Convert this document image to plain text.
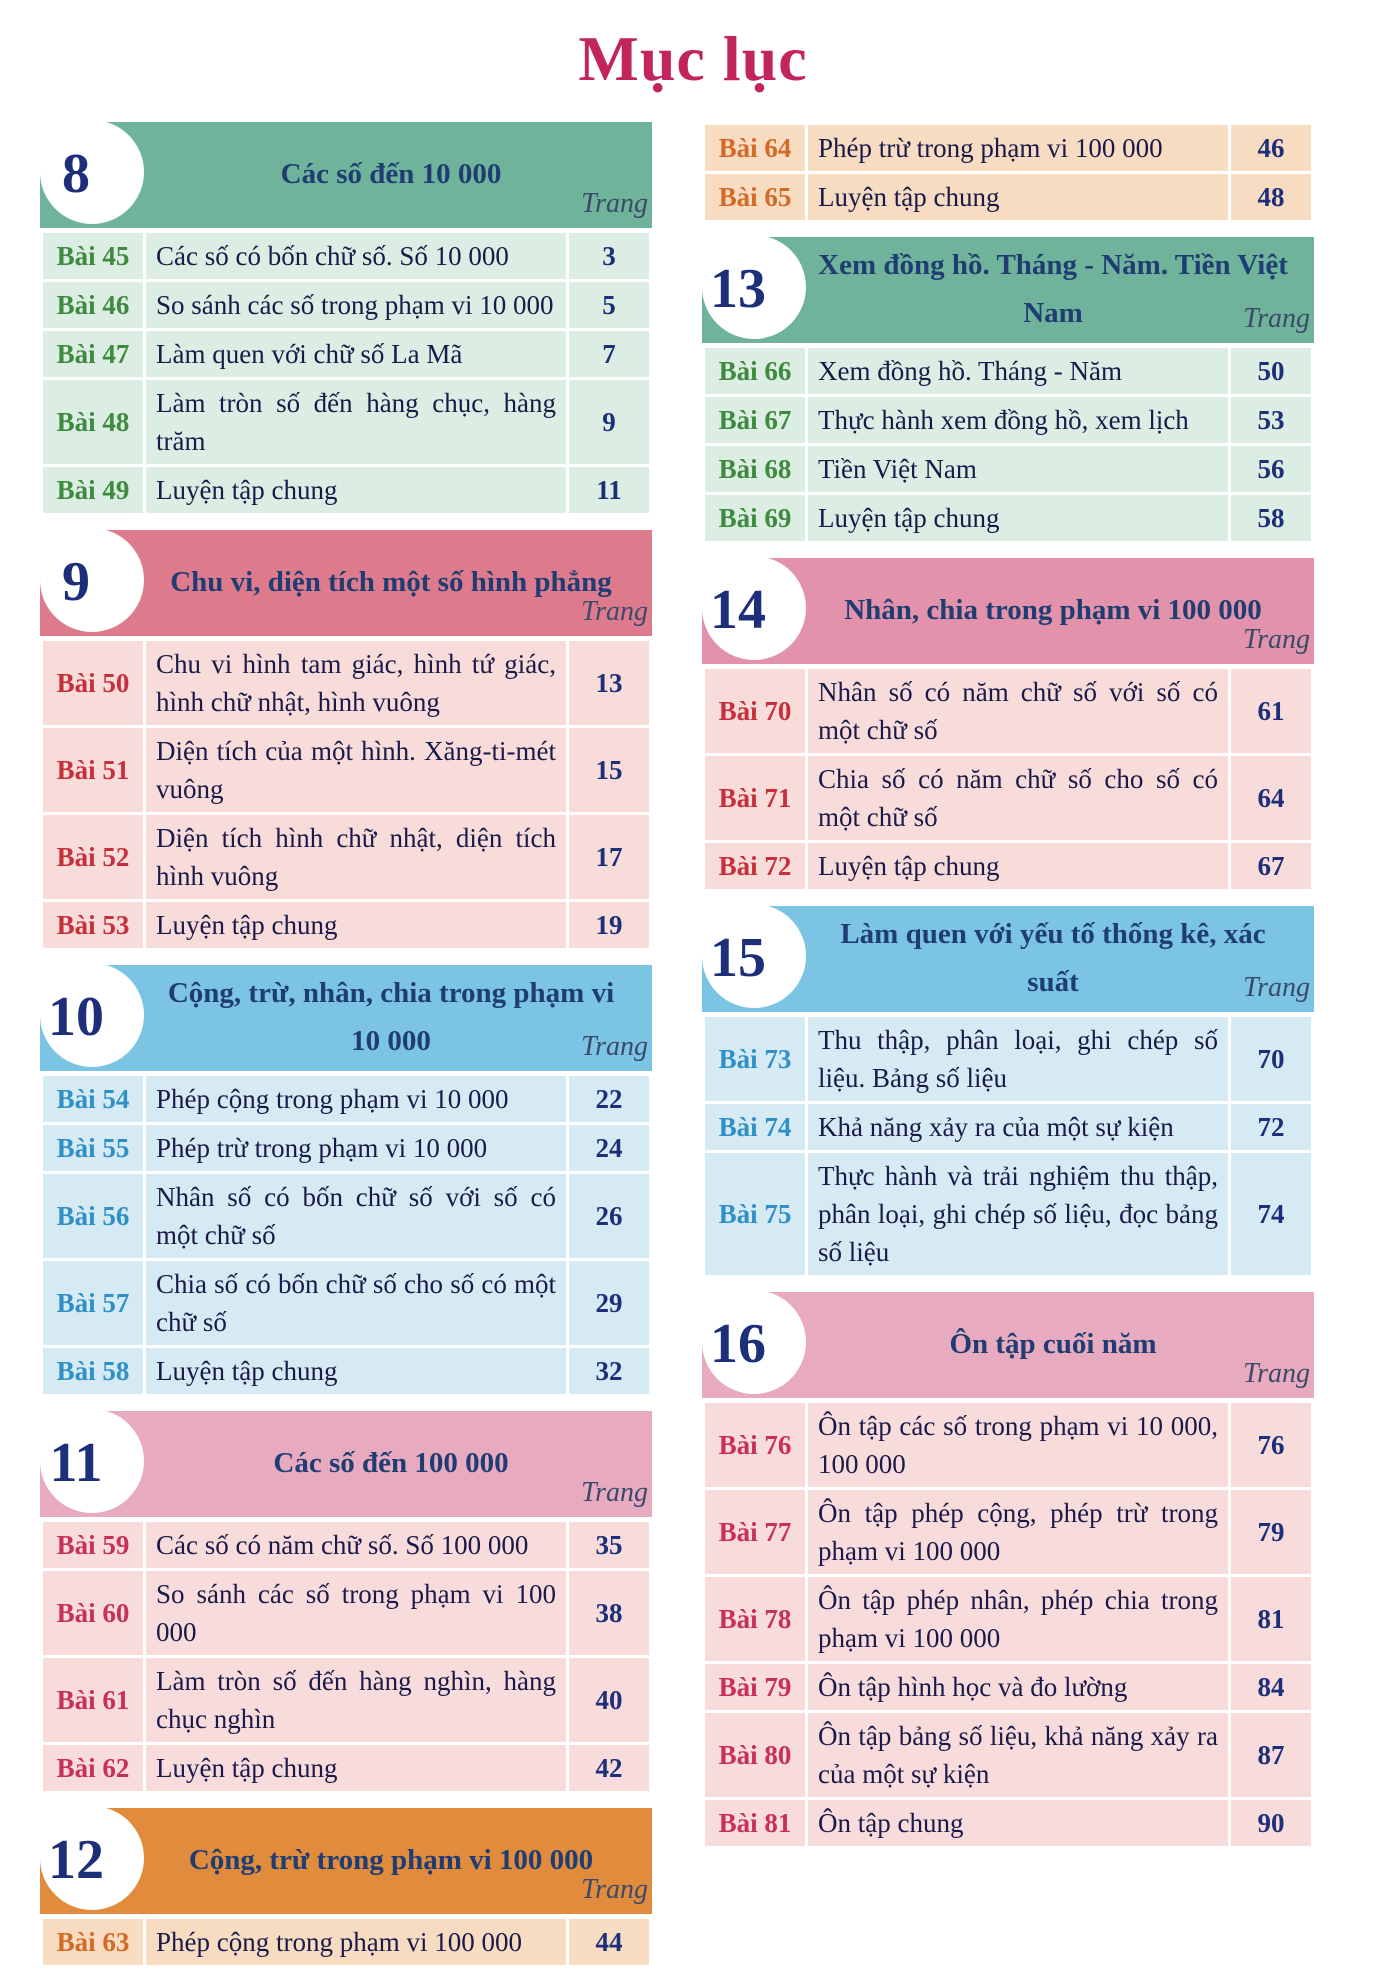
Mục lục
8	Các số đến 10 000
Trang
Bài 45	Các số có bốn chữ số. Số 10 000	3
Bài 46	So sánh các số trong phạm vi 10 000	5
Bài 47	Làm quen với chữ số La Mã	7
Bài 48	Làm tròn số đến hàng chục, hàng trăm	9
Bài 49	Luyện tập chung	11
9	Chu vi, diện tích một số hình phẳng
Trang
Bài 50	Chu vi hình tam giác, hình tứ giác, hình chữ nhật, hình vuông	13
Bài 51	Diện tích của một hình. Xăng-ti-mét vuông	15
Bài 52	Diện tích hình chữ nhật, diện tích hình vuông	17
Bài 53	Luyện tập chung	19
10	Cộng, trừ, nhân, chia trong phạm vi 10 000	Trang
Bài 54	Phép cộng trong phạm vi 10 000	22
Bài 55	Phép trừ trong phạm vi 10 000	24
Bài 56	Nhân số có bốn chữ số với số có một chữ số	26
Bài 57	Chia số có bốn chữ số cho số có một chữ số	29
Bài 58	Luyện tập chung	32
11	Các số đến 100 000
Trang
Bài 59	Các số có năm chữ số. Số 100 000	35
Bài 60	So sánh các số trong phạm vi 100 000	38
Bài 61	Làm tròn số đến hàng nghìn, hàng chục nghìn	40
Bài 62	Luyện tập chung	42
12	Cộng, trừ trong phạm vi 100 000
Trang
Bài 63	Phép cộng trong phạm vi 100 000	44
Bài 64	Phép trừ trong phạm vi 100 000	46
Bài 65	Luyện tập chung	48
13	Xem đồng hồ. Tháng - Năm. Tiền Việt Nam	Trang
Bài 66	Xem đồng hồ. Tháng - Năm	50
Bài 67	Thực hành xem đồng hồ, xem lịch	53
Bài 68	Tiền Việt Nam	56
Bài 69	Luyện tập chung	58
14	Nhân, chia trong phạm vi 100 000
Trang
Bài 70	Nhân số có năm chữ số với số có một chữ số	61
Bài 71	Chia số có năm chữ số cho số có một chữ số	64
Bài 72	Luyện tập chung	67
15	Làm quen với yếu tố thống kê, xác suất	Trang
Bài 73	Thu thập, phân loại, ghi chép số liệu. Bảng số liệu	70
Bài 74	Khả năng xảy ra của một sự kiện	72
Bài 75	Thực hành và trải nghiệm thu thập, phân loại, ghi chép số liệu, đọc bảng số liệu	74
16	Ôn tập cuối năm
Trang
Bài 76	Ôn tập các số trong phạm vi 10 000, 100 000	76
Bài 77	Ôn tập phép cộng, phép trừ trong phạm vi 100 000	79
Bài 78	Ôn tập phép nhân, phép chia trong phạm vi 100 000	81
Bài 79	Ôn tập hình học và đo lường	84
Bài 80	Ôn tập bảng số liệu, khả năng xảy ra của một sự kiện	87
Bài 81	Ôn tập chung	90
